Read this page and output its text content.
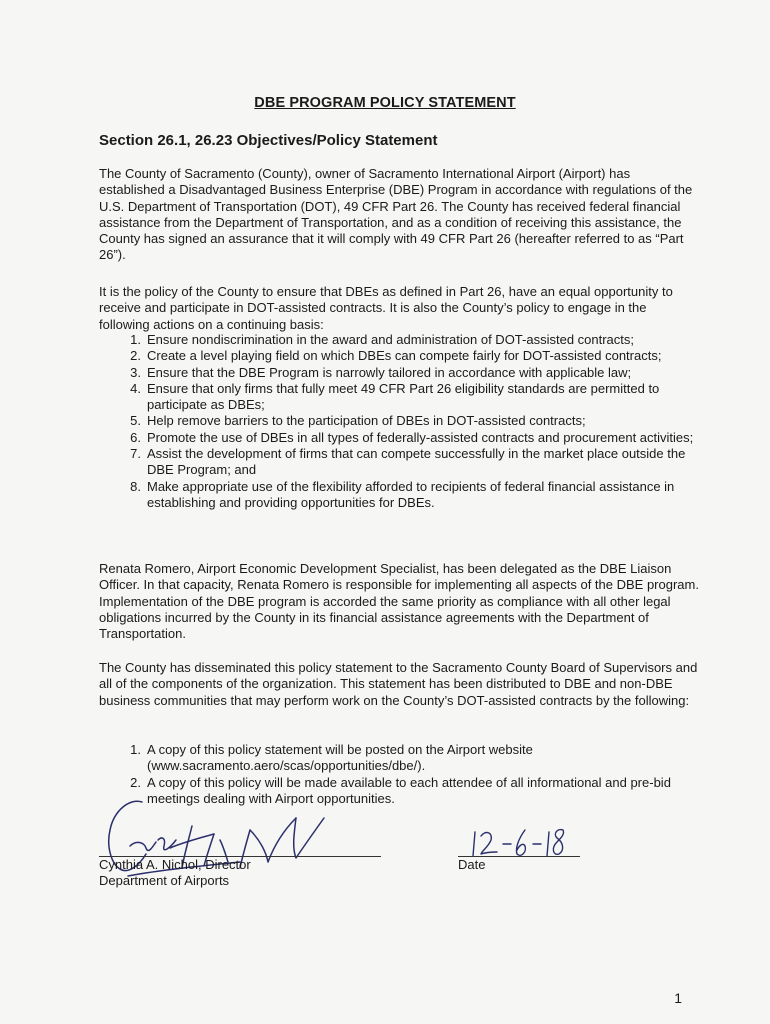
DBE PROGRAM POLICY STATEMENT
Section 26.1, 26.23 Objectives/Policy Statement

The County of Sacramento (County), owner of Sacramento International Airport (Airport) has established a Disadvantaged Business Enterprise (DBE) Program in accordance with regulations of the U.S. Department of Transportation (DOT), 49 CFR Part 26. The County has received federal financial assistance from the Department of Transportation, and as a condition of receiving this assistance, the County has signed an assurance that it will comply with 49 CFR Part 26 (hereafter referred to as “Part 26”).

It is the policy of the County to ensure that DBEs as defined in Part 26, have an equal opportunity to receive and participate in DOT-assisted contracts. It is also the County’s policy to engage in the following actions on a continuing basis:

1. Ensure nondiscrimination in the award and administration of DOT-assisted contracts;
2. Create a level playing field on which DBEs can compete fairly for DOT-assisted contracts;
3. Ensure that the DBE Program is narrowly tailored in accordance with applicable law;
4. Ensure that only firms that fully meet 49 CFR Part 26 eligibility standards are permitted to participate as DBEs;
5. Help remove barriers to the participation of DBEs in DOT-assisted contracts;
6. Promote the use of DBEs in all types of federally-assisted contracts and procurement activities;
7. Assist the development of firms that can compete successfully in the market place outside the DBE Program; and
8. Make appropriate use of the flexibility afforded to recipients of federal financial assistance in establishing and providing opportunities for DBEs.

Renata Romero, Airport Economic Development Specialist, has been delegated as the DBE Liaison Officer. In that capacity, Renata Romero is responsible for implementing all aspects of the DBE program. Implementation of the DBE program is accorded the same priority as compliance with all other legal obligations incurred by the County in its financial assistance agreements with the Department of Transportation.

The County has disseminated this policy statement to the Sacramento County Board of Supervisors and all of the components of the organization. This statement has been distributed to DBE and non-DBE business communities that may perform work on the County’s DOT-assisted contracts by the following:

1. A copy of this policy statement will be posted on the Airport website (www.sacramento.aero/scas/opportunities/dbe/).
2. A copy of this policy will be made available to each attendee of all informational and pre-bid meetings dealing with Airport opportunities.
Cynthia A. Nichol, Director
Department of Airports
Date
1
